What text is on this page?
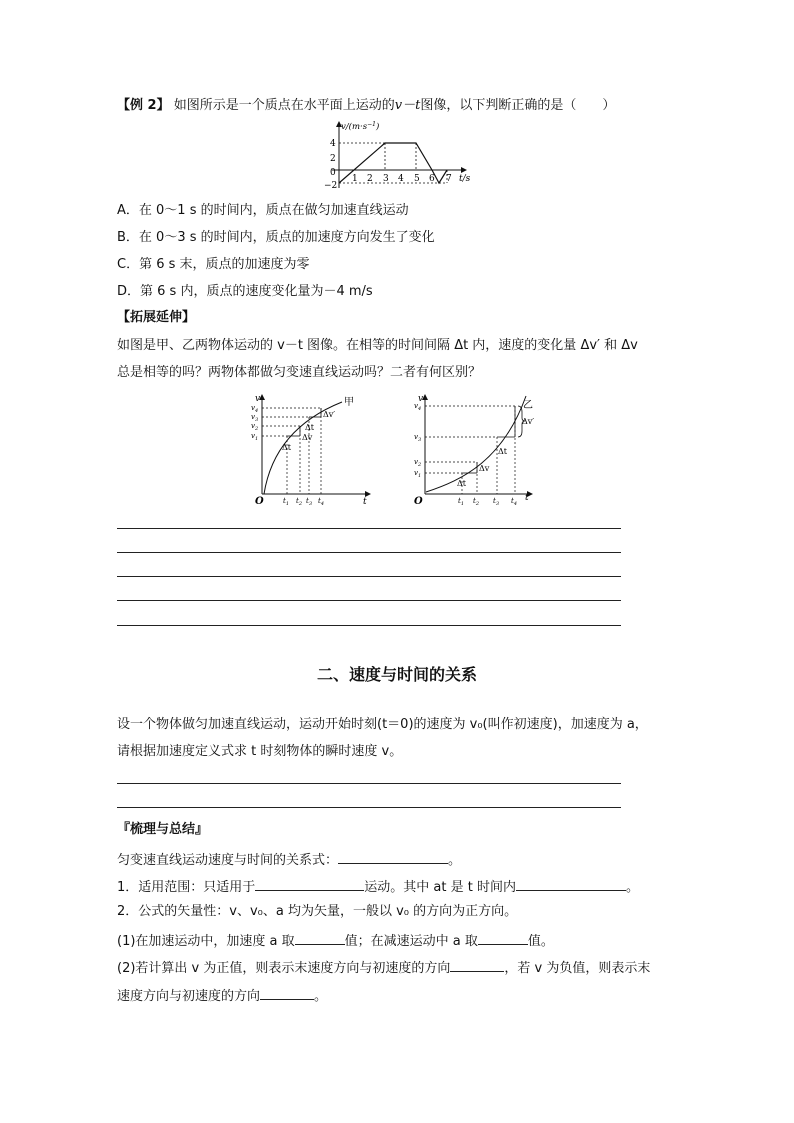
【例 2】 如图所示是一个质点在水平面上运动的v－t图像，以下判断正确的是（　　）
$v/(m\cdot s^{-1})$
t/s
4
2
0
−2
1 2 3 4 5 6 7
A．在 0～1 s 的时间内，质点在做匀加速直线运动
B．在 0～3 s 的时间内，质点的加速度方向发生了变化
C．第 6 s 末，质点的加速度为零
D．第 6 s 内，质点的速度变化量为－4 m/s
【拓展延伸】
如图是甲、乙两物体运动的 v－t 图像。在相等的时间间隔 Δt 内，速度的变化量 Δv′ 和 Δv
总是相等的吗？两物体都做匀变速直线运动吗？二者有何区别？
v
t
O
甲
$v_4$
$v_3$
$v_2$
$v_1$
Δt
Δv
Δt
Δv′
$t_1$ $t_2$ $t_3$ $t_4$
v
t
O
乙
$v_4$
$v_3$
$v_2$
$v_1$
Δt
Δv
Δt
Δv′
$t_1$ $t_2$ $t_3$ $t_4$
二、速度与时间的关系
设一个物体做匀加速直线运动，运动开始时刻(t＝0)的速度为 v₀(叫作初速度)，加速度为 a，
请根据加速度定义式求 t 时刻物体的瞬时速度 v。
『梳理与总结』
匀变速直线运动速度与时间的关系式：	。
1．适用范围：只适用于	运动。其中 at 是 t 时间内	。
2．公式的矢量性：v、v₀、a 均为矢量，一般以 v₀ 的方向为正方向。
(1)在加速运动中，加速度 a 取	值；在减速运动中 a 取	值。
(2)若计算出 v 为正值，则表示末速度方向与初速度的方向	，若 v 为负值，则表示末
速度方向与初速度的方向	。
